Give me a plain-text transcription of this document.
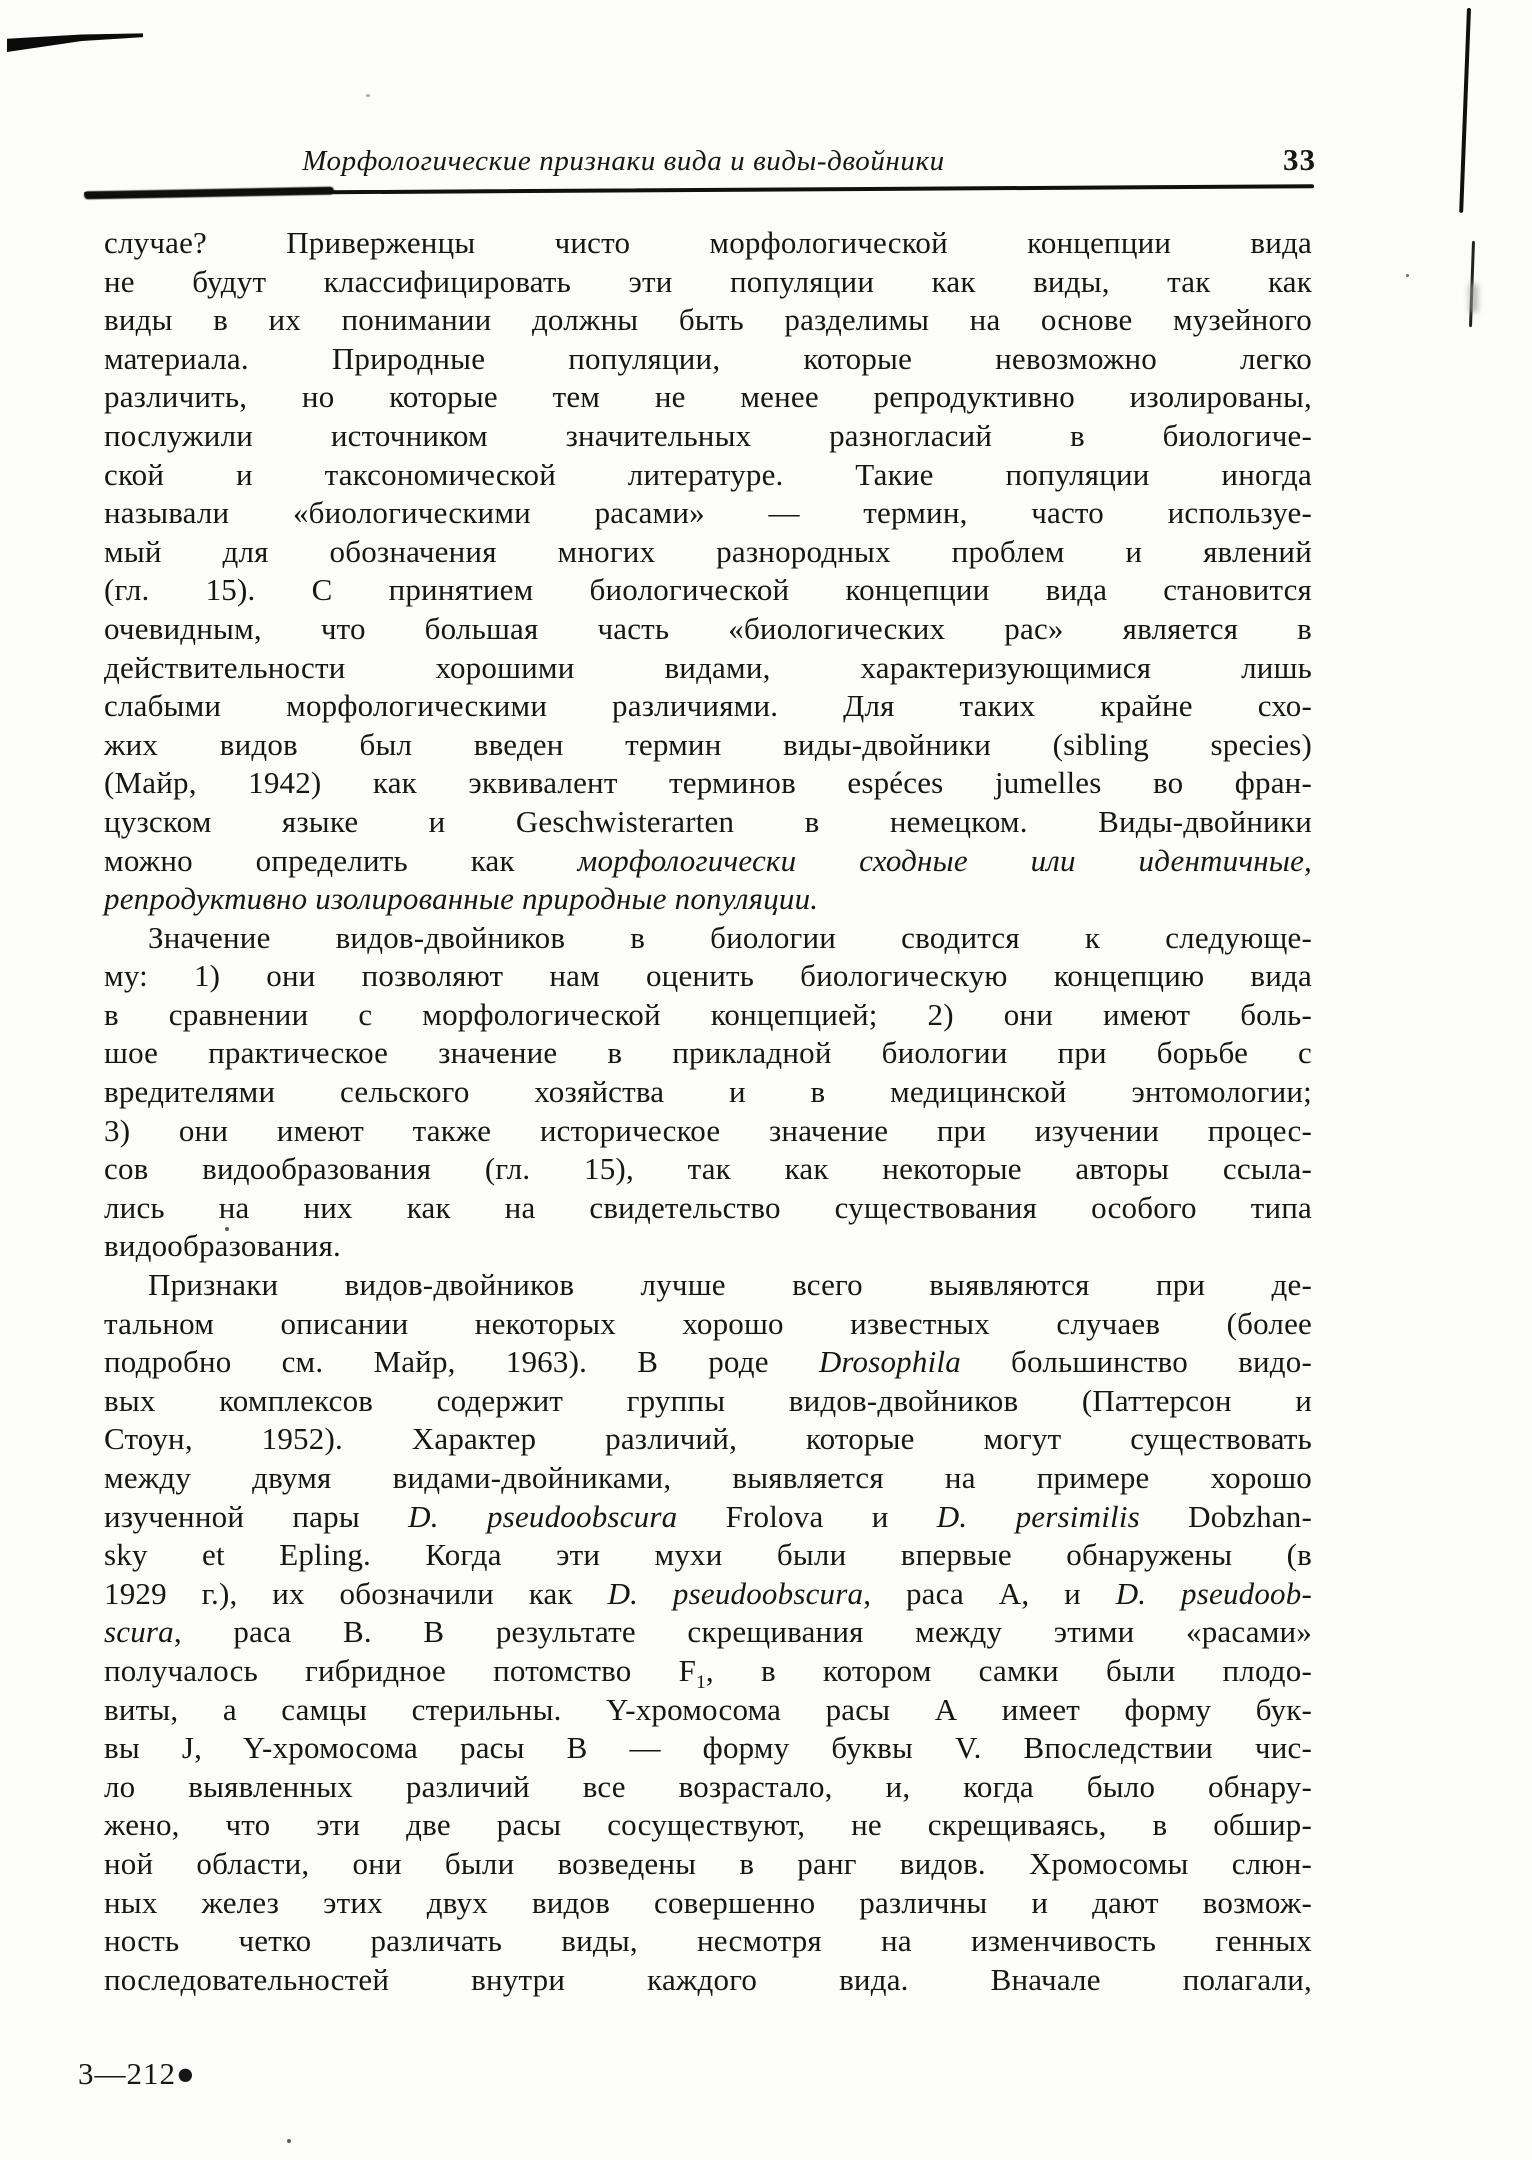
Морфологические признаки вида и виды-двойники	33
случае? Приверженцы чисто морфологической концепции вида
не будут классифицировать эти популяции как виды, так как
виды в их понимании должны быть разделимы на основе музейного
материала. Природные популяции, которые невозможно легко
различить, но которые тем не менее репродуктивно изолированы,
послужили источником значительных разногласий в биологиче-
ской и таксономической литературе. Такие популяции иногда
называли «биологическими расами» — термин, часто используе-
мый для обозначения многих разнородных проблем и явлений
(гл. 15). С принятием биологической концепции вида становится
очевидным, что большая часть «биологических рас» является в
действительности хорошими видами, характеризующимися лишь
слабыми морфологическими различиями. Для таких крайне схо-
жих видов был введен термин виды-двойники (sibling species)
(Майр, 1942) как эквивалент терминов espéces jumelles во фран-
цузском языке и Geschwisterarten в немецком. Виды-двойники
можно определить как морфологически сходные или идентичные,
репродуктивно изолированные природные популяции.
Значение видов-двойников в биологии сводится к следующе-
му: 1) они позволяют нам оценить биологическую концепцию вида
в сравнении с морфологической концепцией; 2) они имеют боль-
шое практическое значение в прикладной биологии при борьбе с
вредителями сельского хозяйства и в медицинской энтомологии;
3) они имеют также историческое значение при изучении процес-
сов видообразования (гл. 15), так как некоторые авторы ссыла-
лись на них как на свидетельство существования особого типа
видообразования.
Признаки видов-двойников лучше всего выявляются при де-
тальном описании некоторых хорошо известных случаев (более
подробно см. Майр, 1963). В роде Drosophila большинство видо-
вых комплексов содержит группы видов-двойников (Паттерсон и
Стоун, 1952). Характер различий, которые могут существовать
между двумя видами-двойниками, выявляется на примере хорошо
изученной пары D. pseudoobscura Frolova и D. persimilis Dobzhan-
sky et Epling. Когда эти мухи были впервые обнаружены (в
1929 г.), их обозначили как D. pseudoobscura, раса А, и D. pseudoob-
scura, раса В. В результате скрещивания между этими «расами»
получалось гибридное потомство $F_1$, в котором самки были плодо-
виты, а самцы стерильны. Y-хромосома расы А имеет форму бук-
вы J, Y-хромосома расы В — форму буквы V. Впоследствии чис-
ло выявленных различий все возрастало, и, когда было обнару-
жено, что эти две расы сосуществуют, не скрещиваясь, в обшир-
ной области, они были возведены в ранг видов. Хромосомы слюн-
ных желез этих двух видов совершенно различны и дают возмож-
ность четко различать виды, несмотря на изменчивость генных
последовательностей внутри каждого вида. Вначале полагали,
3—212●
